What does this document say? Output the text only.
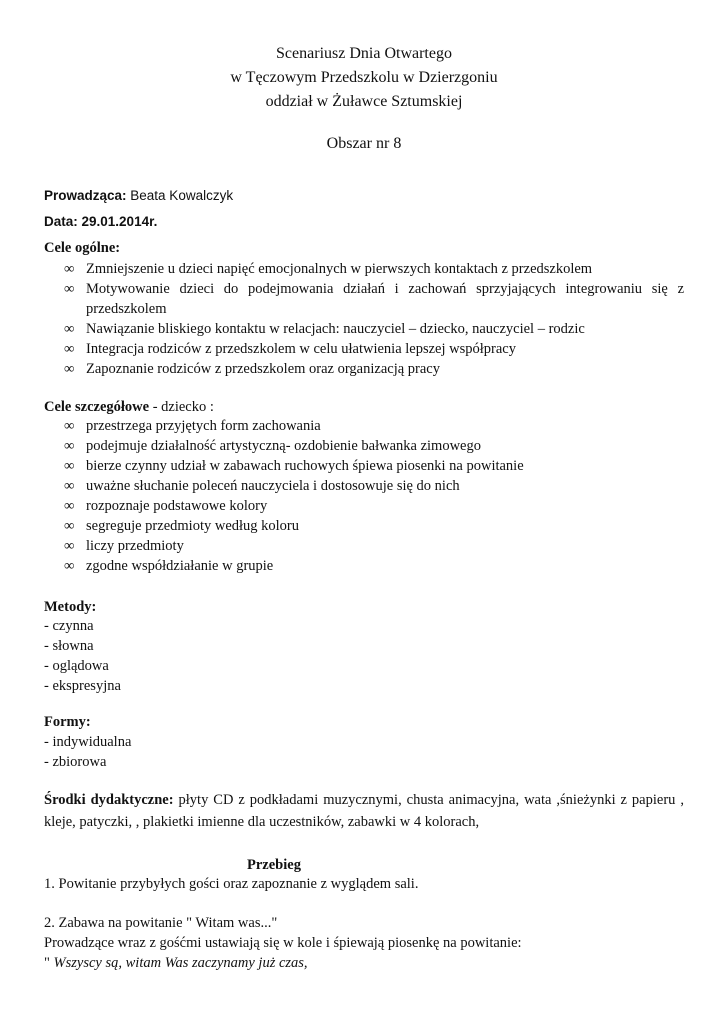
Scenariusz Dnia Otwartego
w Tęczowym Przedszkolu w Dzierzgoniu
oddział w Żuławce Sztumskiej
Obszar nr 8
Prowadząca: Beata Kowalczyk
Data: 29.01.2014r.
Cele ogólne:
∞ Zmniejszenie u dzieci napięć emocjonalnych w pierwszych kontaktach z przedszkolem
∞ Motywowanie dzieci do podejmowania działań i zachowań sprzyjających integrowaniu się z
przedszkolem
∞ Nawiązanie bliskiego kontaktu w relacjach: nauczyciel – dziecko, nauczyciel – rodzic
∞ Integracja rodziców z przedszkolem w celu ułatwienia lepszej współpracy
∞ Zapoznanie rodziców z przedszkolem oraz organizacją pracy
Cele szczegółowe - dziecko :
∞ przestrzega przyjętych form zachowania
∞ podejmuje działalność artystyczną- ozdobienie bałwanka zimowego
∞ bierze czynny udział w zabawach ruchowych śpiewa piosenki na powitanie
∞ uważne słuchanie poleceń nauczyciela i dostosowuje się do nich
∞ rozpoznaje podstawowe kolory
∞ segreguje przedmioty według koloru
∞ liczy przedmioty
∞ zgodne współdziałanie w grupie
Metody:
- czynna
- słowna
- oglądowa
- ekspresyjna
Formy:
- indywidualna
- zbiorowa
Środki dydaktyczne: płyty CD z podkładami muzycznymi, chusta animacyjna, wata ,śnieżynki z papieru ,
kleje, patyczki, , plakietki imienne dla uczestników, zabawki w 4 kolorach,
Przebieg
1. Powitanie przybyłych gości oraz zapoznanie z wyglądem sali.
2. Zabawa na powitanie " Witam was..."
Prowadzące wraz z gośćmi ustawiają się w kole i śpiewają piosenkę na powitanie:
" Wszyscy są, witam Was zaczynamy już czas,
